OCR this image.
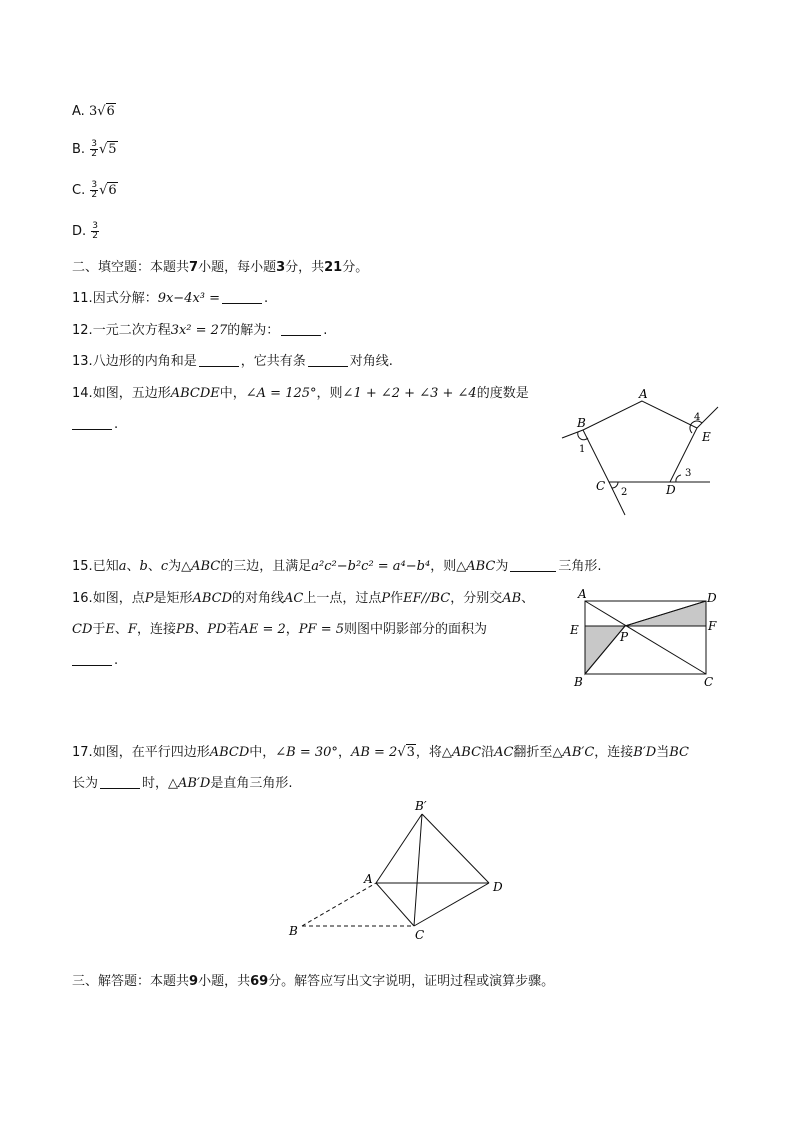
A. 3√6
B. $\frac{3}{2} √5$
C. $\frac{3}{2} √6$
D. $\frac{3}{2}$
二、填空题：本题共7小题，每小题3分，共21分。
11.因式分解：9x−4x³ =	.
12.一元二次方程3x² = 27的解为：	.
13.八边形的内角和是	，它共有条	对角线.
14.如图，五边形ABCDE中，∠A = 125°，则∠1 + ∠2 + ∠3 + ∠4的度数是
.
A
B
C	D
E
1
2
3
4
15.已知a、b、c为△ABC的三边，且满足a²c²−b²c² = a⁴−b⁴，则△ABC为	三角形.
16.如图，点P是矩形ABCD的对角线AC上一点，过点P作EF//BC，分别交AB、
CD于E、F，连接PB、PD若AE = 2，PF = 5则图中阴影部分的面积为
.
A	D
E	F
P
B	C
17.如图，在平行四边形ABCD中，∠B = 30°，AB = 2√3，将△ABC沿AC翻折至△AB′C，连接B′D当BC
长为	时，△AB′D是直角三角形.
B′
A
D
B	C
三、解答题：本题共9小题，共69分。解答应写出文字说明，证明过程或演算步骤。
